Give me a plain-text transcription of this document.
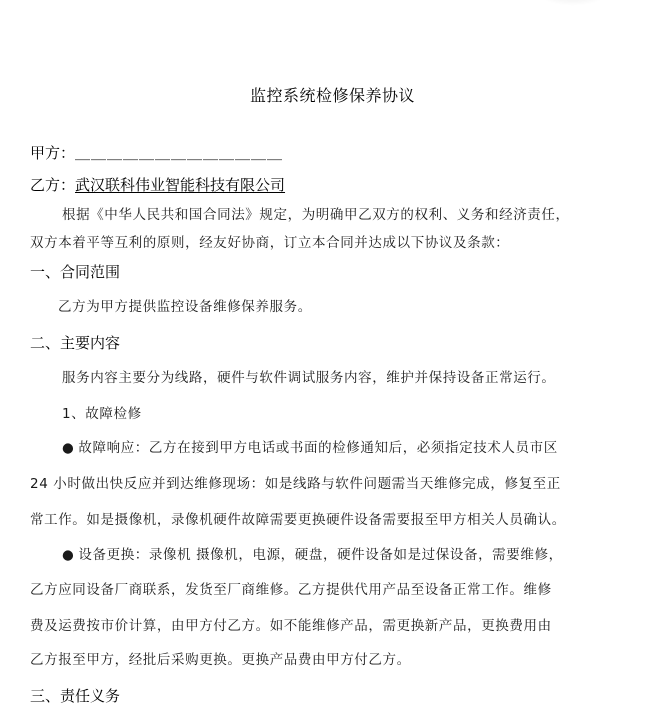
监控系统检修保养协议
甲方：＿＿＿＿＿＿＿＿＿＿＿＿＿
乙方：武汉联科伟业智能科技有限公司
根据《中华人民共和国合同法》规定，为明确甲乙双方的权利、义务和经济责任，
双方本着平等互利的原则，经友好协商，订立本合同并达成以下协议及条款：
一、合同范围
乙方为甲方提供监控设备维修保养服务。
二、主要内容
服务内容主要分为线路，硬件与软件调试服务内容，维护并保持设备正常运行。
1、故障检修
● 故障响应：乙方在接到甲方电话或书面的检修通知后，必须指定技术人员市区
24 小时做出快反应并到达维修现场：如是线路与软件问题需当天维修完成，修复至正
常工作。如是摄像机，录像机硬件故障需要更换硬件设备需要报至甲方相关人员确认。
● 设备更换：录像机 摄像机，电源，硬盘，硬件设备如是过保设备，需要维修，
乙方应同设备厂商联系，发货至厂商维修。乙方提供代用产品至设备正常工作。维修
费及运费按市价计算，由甲方付乙方。如不能维修产品，需更换新产品，更换费用由
乙方报至甲方，经批后采购更换。更换产品费由甲方付乙方。
三、责任义务
